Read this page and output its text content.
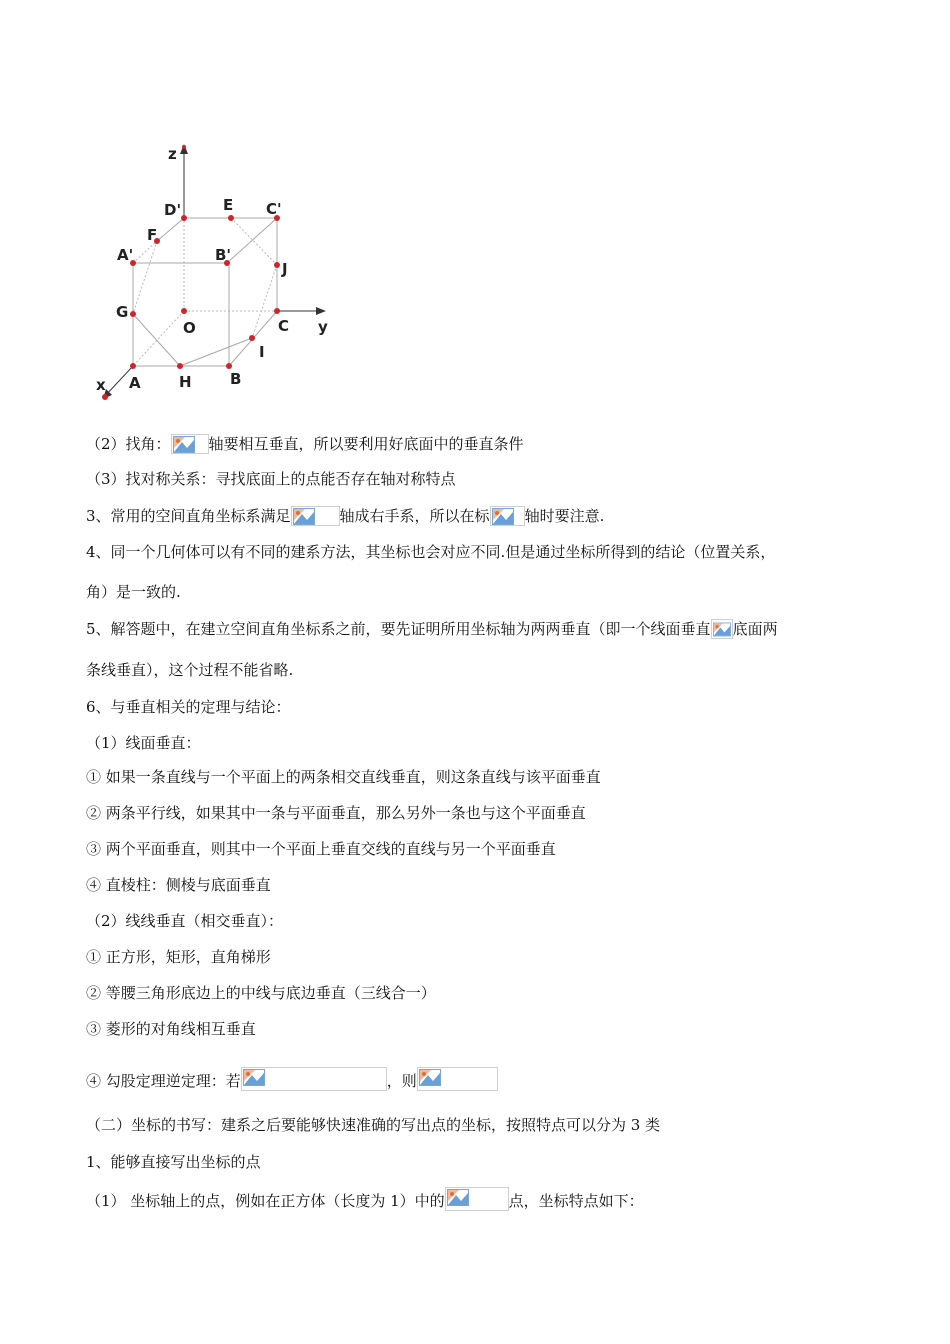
z
y
x
O
A	H	B
I
C
J
C'
E
D'
F
A'	B'
G
（2）找角：	轴要相互垂直，所以要利用好底面中的垂直条件
（3）找对称关系：寻找底面上的点能否存在轴对称特点
3、常用的空间直角坐标系满足	轴成右手系，所以在标 轴时要注意.
4、同一个几何体可以有不同的建系方法，其坐标也会对应不同.但是通过坐标所得到的结论（位置关系，
角）是一致的.
5、解答题中，在建立空间直角坐标系之前，要先证明所用坐标轴为两两垂直（即一个线面垂直 底面两
条线垂直），这个过程不能省略.
6、与垂直相关的定理与结论：
（1）线面垂直：
① 如果一条直线与一个平面上的两条相交直线垂直，则这条直线与该平面垂直
② 两条平行线，如果其中一条与平面垂直，那么另外一条也与这个平面垂直
③ 两个平面垂直，则其中一个平面上垂直交线的直线与另一个平面垂直
④ 直棱柱：侧棱与底面垂直
（2）线线垂直（相交垂直）：
① 正方形，矩形，直角梯形
② 等腰三角形底边上的中线与底边垂直（三线合一）
③ 菱形的对角线相互垂直
④ 勾股定理逆定理：若	，则
（二）坐标的书写：建系之后要能够快速准确的写出点的坐标，按照特点可以分为 3 类
1、能够直接写出坐标的点
（1） 坐标轴上的点，例如在正方体（长度为 1）中的	点，坐标特点如下：
